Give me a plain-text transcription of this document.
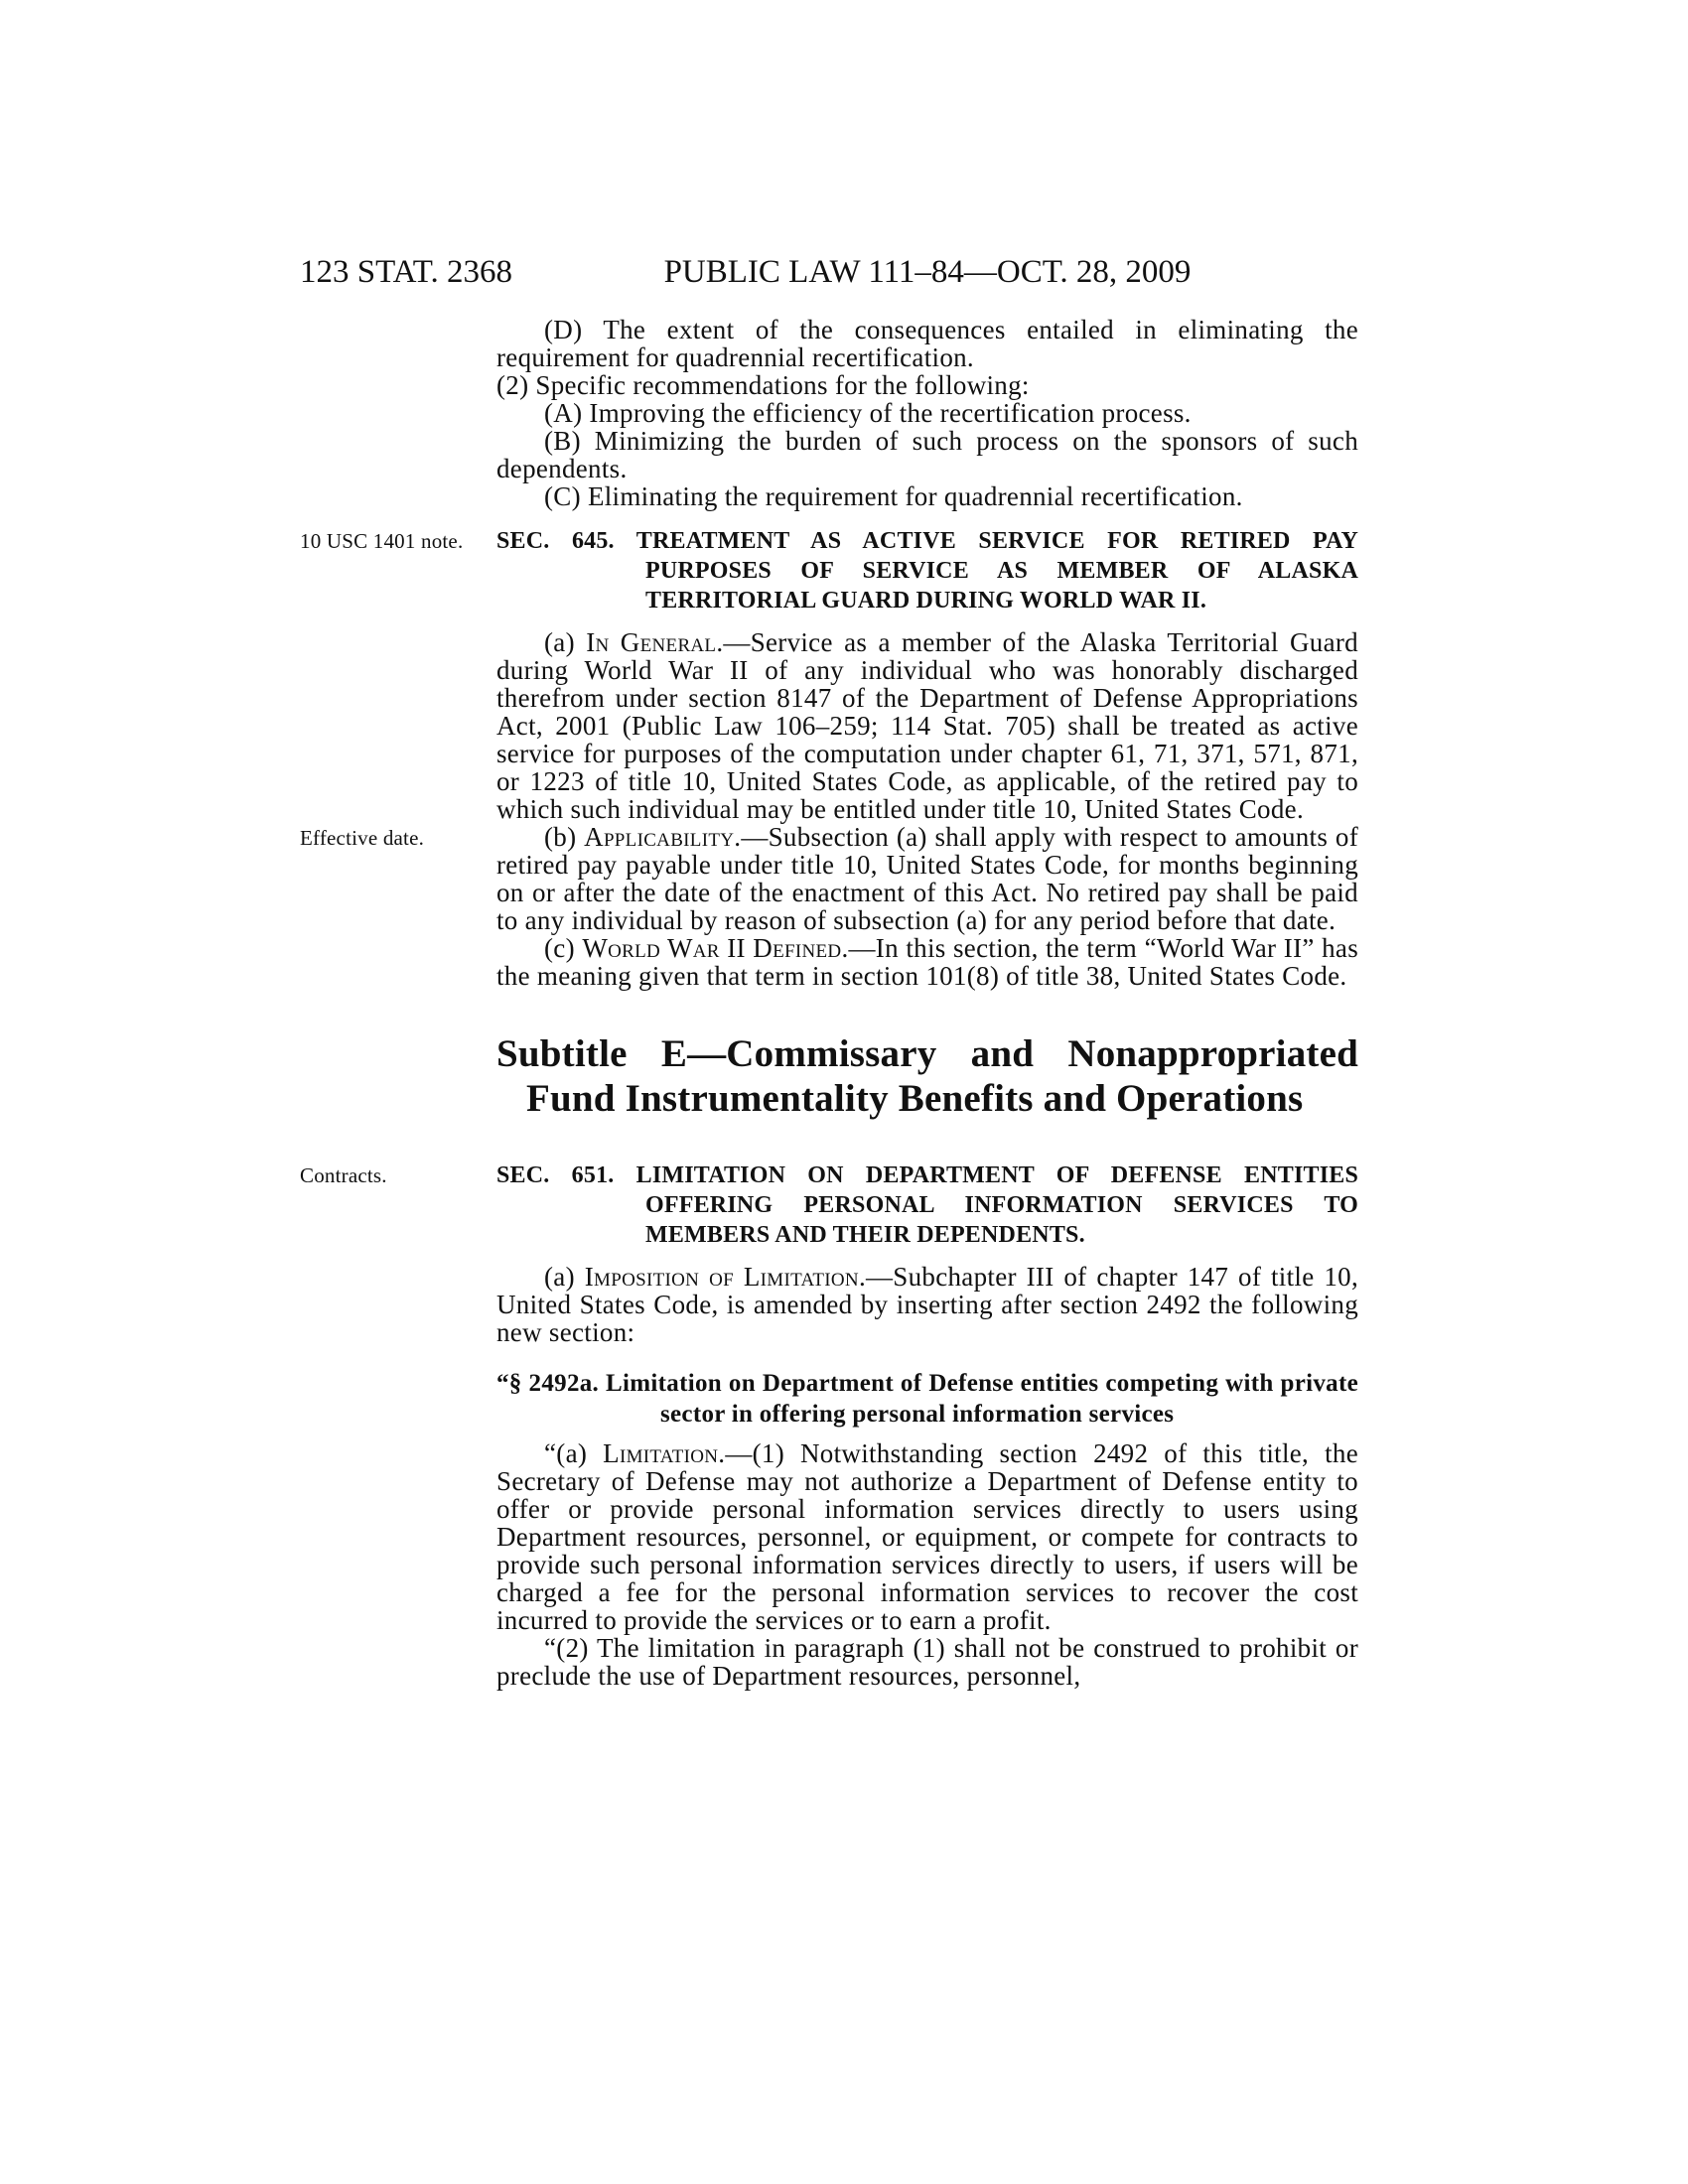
123 STAT. 2368	PUBLIC LAW 111–84—OCT. 28, 2009

(D) The extent of the consequences entailed in eliminating the requirement for quadrennial recertification.

(2) Specific recommendations for the following:

(A) Improving the efficiency of the recertification process.

(B) Minimizing the burden of such process on the sponsors of such dependents.

(C) Eliminating the requirement for quadrennial recertification.

10 USC 1401 note.	SEC. 645. TREATMENT AS ACTIVE SERVICE FOR RETIRED PAY PURPOSES OF SERVICE AS MEMBER OF ALASKA TERRITORIAL GUARD DURING WORLD WAR II.

(a) In General.—Service as a member of the Alaska Territorial Guard during World War II of any individual who was honorably discharged therefrom under section 8147 of the Department of Defense Appropriations Act, 2001 (Public Law 106–259; 114 Stat. 705) shall be treated as active service for purposes of the computation under chapter 61, 71, 371, 571, 871, or 1223 of title 10, United States Code, as applicable, of the retired pay to which such individual may be entitled under title 10, United States Code.

Effective date.	(b) Applicability.—Subsection (a) shall apply with respect to amounts of retired pay payable under title 10, United States Code, for months beginning on or after the date of the enactment of this Act. No retired pay shall be paid to any individual by reason of subsection (a) for any period before that date.

(c) World War II Defined.—In this section, the term “World War II” has the meaning given that term in section 101(8) of title 38, United States Code.

Subtitle E—Commissary and Nonappropriated Fund Instrumentality Benefits and Operations
Contracts.	SEC. 651. LIMITATION ON DEPARTMENT OF DEFENSE ENTITIES OFFERING PERSONAL INFORMATION SERVICES TO MEMBERS AND THEIR DEPENDENTS.

(a) Imposition of Limitation.—Subchapter III of chapter 147 of title 10, United States Code, is amended by inserting after section 2492 the following new section:

“§ 2492a. Limitation on Department of Defense entities competing with private sector in offering personal information services

“(a) Limitation.—(1) Notwithstanding section 2492 of this title, the Secretary of Defense may not authorize a Department of Defense entity to offer or provide personal information services directly to users using Department resources, personnel, or equipment, or compete for contracts to provide such personal information services directly to users, if users will be charged a fee for the personal information services to recover the cost incurred to provide the services or to earn a profit.

“(2) The limitation in paragraph (1) shall not be construed to prohibit or preclude the use of Department resources, personnel,
